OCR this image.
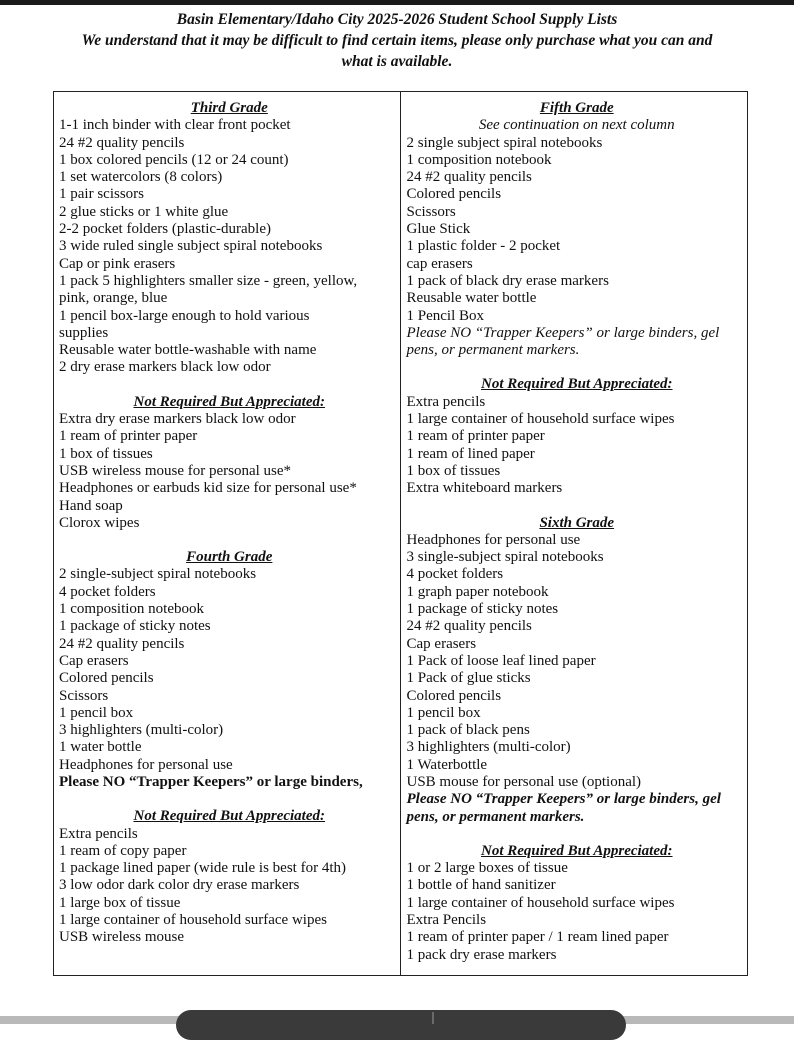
Basin Elementary/Idaho City 2025-2026 Student School Supply Lists
We understand that it may be difficult to find certain items, please only purchase what you can and
what is available.
Third Grade
1-1 inch binder with clear front pocket
24 #2 quality pencils
1 box colored pencils (12 or 24 count)
1 set watercolors (8 colors)
1 pair scissors
2 glue sticks or 1 white glue
2-2 pocket folders (plastic-durable)
3 wide ruled single subject spiral notebooks
Cap or pink erasers
1 pack 5 highlighters smaller size - green, yellow,
pink, orange, blue
1 pencil box-large enough to hold various
supplies
Reusable water bottle-washable with name
2 dry erase markers black low odor
Not Required But Appreciated:
Extra dry erase markers black low odor
1 ream of printer paper
1 box of tissues
USB wireless mouse for personal use*
Headphones or earbuds kid size for personal use*
Hand soap
Clorox wipes
Fourth Grade
2 single-subject spiral notebooks
4 pocket folders
1 composition notebook
1 package of sticky notes
24 #2 quality pencils
Cap erasers
Colored pencils
Scissors
1 pencil box
3 highlighters (multi-color)
1 water bottle
Headphones for personal use
Please NO “Trapper Keepers” or large binders,
Not Required But Appreciated:
Extra pencils
1 ream of copy paper
1 package lined paper (wide rule is best for 4th)
3 low odor dark color dry erase markers
1 large box of tissue
1 large container of household surface wipes
USB wireless mouse
Fifth Grade
See continuation on next column
2 single subject spiral notebooks
1 composition notebook
24 #2 quality pencils
Colored pencils
Scissors
Glue Stick
1 plastic folder - 2 pocket
cap erasers
1 pack of black dry erase markers
Reusable water bottle
1 Pencil Box
Please NO “Trapper Keepers” or large binders, gel pens, or permanent markers.
Not Required But Appreciated:
Extra pencils
1 large container of household surface wipes
1 ream of printer paper
1 ream of lined paper
1 box of tissues
Extra whiteboard markers
Sixth Grade
Headphones for personal use
3 single-subject spiral notebooks
4 pocket folders
1 graph paper notebook
1 package of sticky notes
24 #2 quality pencils
Cap erasers
1 Pack of loose leaf lined paper
1 Pack of glue sticks
Colored pencils
1 pencil box
1 pack of black pens
3 highlighters (multi-color)
1 Waterbottle
USB mouse for personal use (optional)
Please NO “Trapper Keepers” or large binders, gel pens, or permanent markers.
Not Required But Appreciated:
1 or 2 large boxes of tissue
1 bottle of hand sanitizer
1 large container of household surface wipes
Extra Pencils
1 ream of printer paper / 1 ream lined paper
1 pack dry erase markers
